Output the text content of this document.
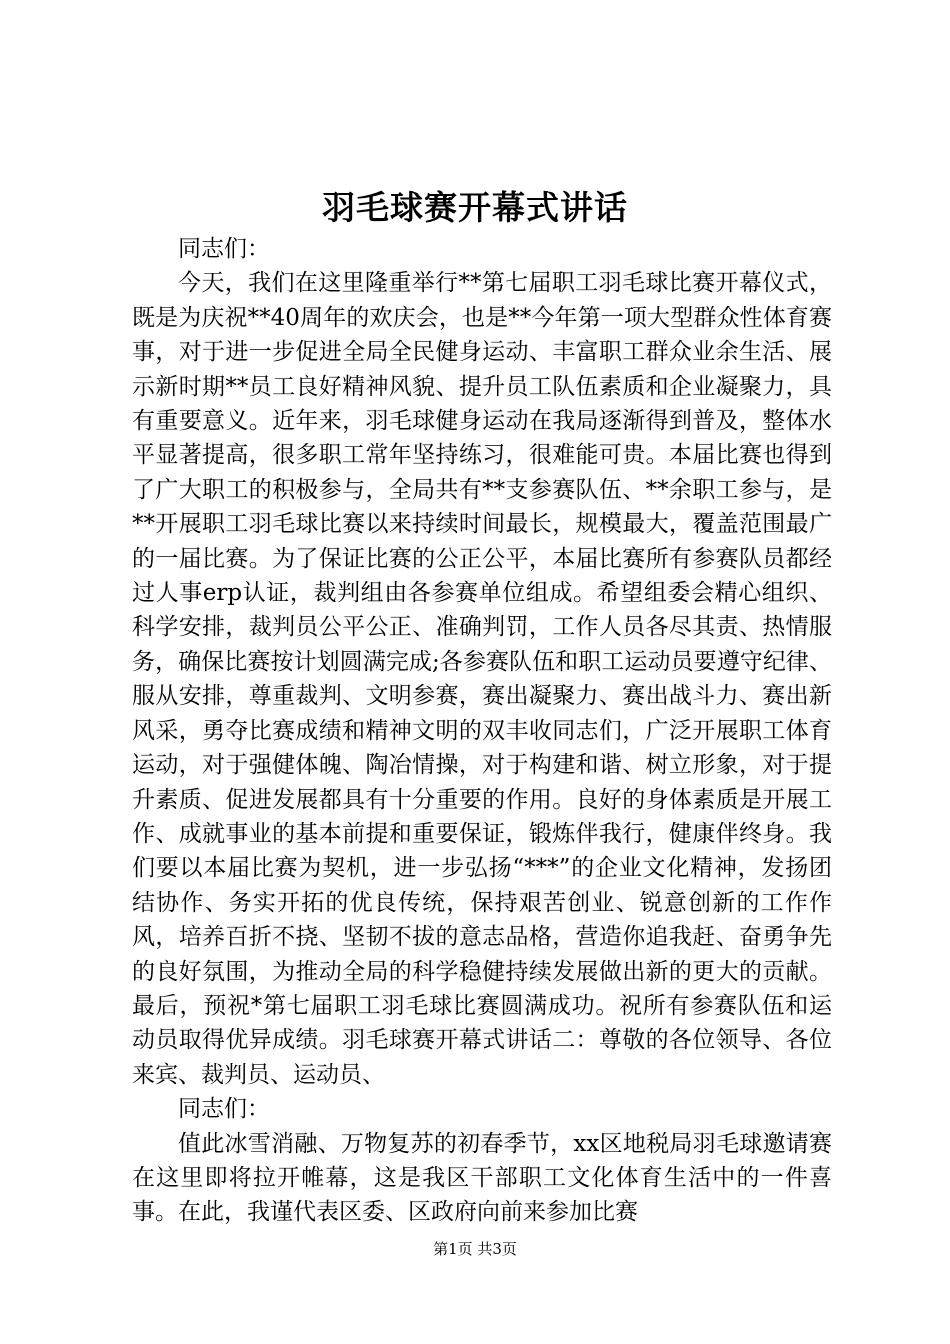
羽毛球赛开幕式讲话

同志们：

今天，我们在这里隆重举行**第七届职工羽毛球比赛开幕仪式，既是为庆祝**40周年的欢庆会，也是**今年第一项大型群众性体育赛事，对于进一步促进全局全民健身运动、丰富职工群众业余生活、展示新时期**员工良好精神风貌、提升员工队伍素质和企业凝聚力，具有重要意义。近年来，羽毛球健身运动在我局逐渐得到普及，整体水平显著提高，很多职工常年坚持练习，很难能可贵。本届比赛也得到了广大职工的积极参与，全局共有**支参赛队伍、**余职工参与，是**开展职工羽毛球比赛以来持续时间最长，规模最大，覆盖范围最广的一届比赛。为了保证比赛的公正公平，本届比赛所有参赛队员都经过人事erp认证，裁判组由各参赛单位组成。希望组委会精心组织、科学安排，裁判员公平公正、准确判罚，工作人员各尽其责、热情服务，确保比赛按计划圆满完成;各参赛队伍和职工运动员要遵守纪律、服从安排，尊重裁判、文明参赛，赛出凝聚力、赛出战斗力、赛出新风采，勇夺比赛成绩和精神文明的双丰收同志们，广泛开展职工体育运动，对于强健体魄、陶冶情操，对于构建和谐、树立形象，对于提升素质、促进发展都具有十分重要的作用。良好的身体素质是开展工作、成就事业的基本前提和重要保证，锻炼伴我行，健康伴终身。我们要以本届比赛为契机，进一步弘扬“***”的企业文化精神，发扬团结协作、务实开拓的优良传统，保持艰苦创业、锐意创新的工作作风，培养百折不挠、坚韧不拔的意志品格，营造你追我赶、奋勇争先的良好氛围，为推动全局的科学稳健持续发展做出新的更大的贡献。最后，预祝*第七届职工羽毛球比赛圆满成功。祝所有参赛队伍和运动员取得优异成绩。羽毛球赛开幕式讲话二：尊敬的各位领导、各位来宾、裁判员、运动员、

同志们：

值此冰雪消融、万物复苏的初春季节，xx区地税局羽毛球邀请赛在这里即将拉开帷幕，这是我区干部职工文化体育生活中的一件喜事。在此，我谨代表区委、区政府向前来参加比赛

第1页 共3页
